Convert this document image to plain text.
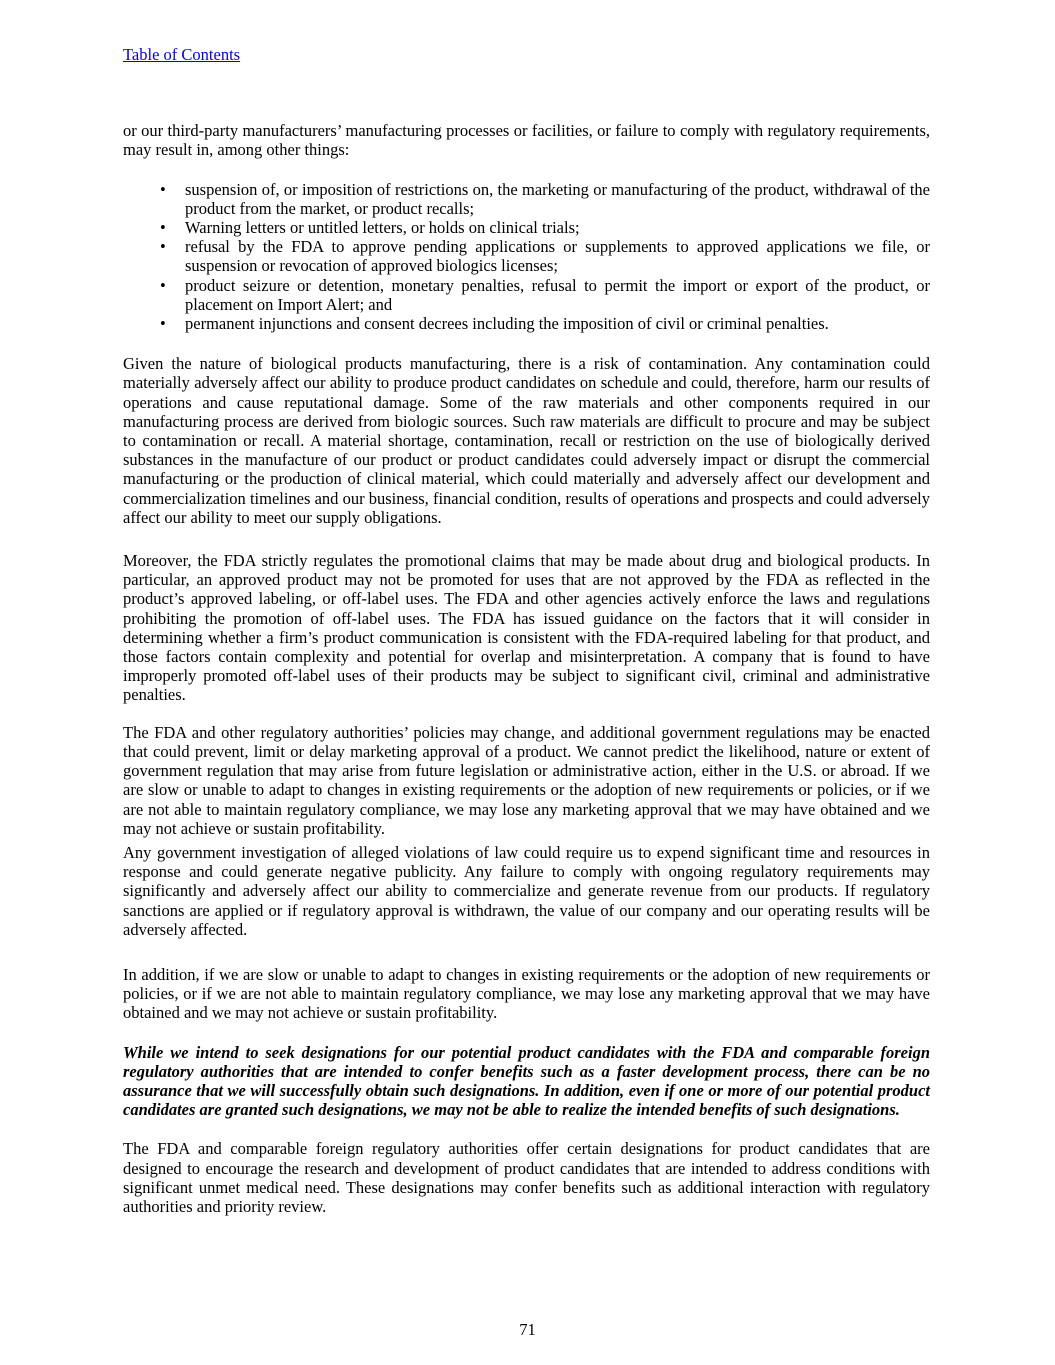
Table of Contents

or our third-party manufacturers’ manufacturing processes or facilities, or failure to comply with regulatory requirements, may result in, among other things:

• suspension of, or imposition of restrictions on, the marketing or manufacturing of the product, withdrawal of the product from the market, or product recalls;
• Warning letters or untitled letters, or holds on clinical trials;
• refusal by the FDA to approve pending applications or supplements to approved applications we file, or suspension or revocation of approved biologics licenses;
• product seizure or detention, monetary penalties, refusal to permit the import or export of the product, or placement on Import Alert; and
• permanent injunctions and consent decrees including the imposition of civil or criminal penalties.

Given the nature of biological products manufacturing, there is a risk of contamination. Any contamination could materially adversely affect our ability to produce product candidates on schedule and could, therefore, harm our results of operations and cause reputational damage. Some of the raw materials and other components required in our manufacturing process are derived from biologic sources. Such raw materials are difficult to procure and may be subject to contamination or recall. A material shortage, contamination, recall or restriction on the use of biologically derived substances in the manufacture of our product or product candidates could adversely impact or disrupt the commercial manufacturing or the production of clinical material, which could materially and adversely affect our development and commercialization timelines and our business, financial condition, results of operations and prospects and could adversely affect our ability to meet our supply obligations.

Moreover, the FDA strictly regulates the promotional claims that may be made about drug and biological products. In particular, an approved product may not be promoted for uses that are not approved by the FDA as reflected in the product’s approved labeling, or off-label uses. The FDA and other agencies actively enforce the laws and regulations prohibiting the promotion of off-label uses. The FDA has issued guidance on the factors that it will consider in determining whether a firm’s product communication is consistent with the FDA-required labeling for that product, and those factors contain complexity and potential for overlap and misinterpretation. A company that is found to have improperly promoted off-label uses of their products may be subject to significant civil, criminal and administrative penalties.

The FDA and other regulatory authorities’ policies may change, and additional government regulations may be enacted that could prevent, limit or delay marketing approval of a product. We cannot predict the likelihood, nature or extent of government regulation that may arise from future legislation or administrative action, either in the U.S. or abroad. If we are slow or unable to adapt to changes in existing requirements or the adoption of new requirements or policies, or if we are not able to maintain regulatory compliance, we may lose any marketing approval that we may have obtained and we may not achieve or sustain profitability.

Any government investigation of alleged violations of law could require us to expend significant time and resources in response and could generate negative publicity. Any failure to comply with ongoing regulatory requirements may significantly and adversely affect our ability to commercialize and generate revenue from our products. If regulatory sanctions are applied or if regulatory approval is withdrawn, the value of our company and our operating results will be adversely affected.

In addition, if we are slow or unable to adapt to changes in existing requirements or the adoption of new requirements or policies, or if we are not able to maintain regulatory compliance, we may lose any marketing approval that we may have obtained and we may not achieve or sustain profitability.

While we intend to seek designations for our potential product candidates with the FDA and comparable foreign regulatory authorities that are intended to confer benefits such as a faster development process, there can be no assurance that we will successfully obtain such designations. In addition, even if one or more of our potential product candidates are granted such designations, we may not be able to realize the intended benefits of such designations.

The FDA and comparable foreign regulatory authorities offer certain designations for product candidates that are designed to encourage the research and development of product candidates that are intended to address conditions with significant unmet medical need. These designations may confer benefits such as additional interaction with regulatory authorities and priority review.

71
